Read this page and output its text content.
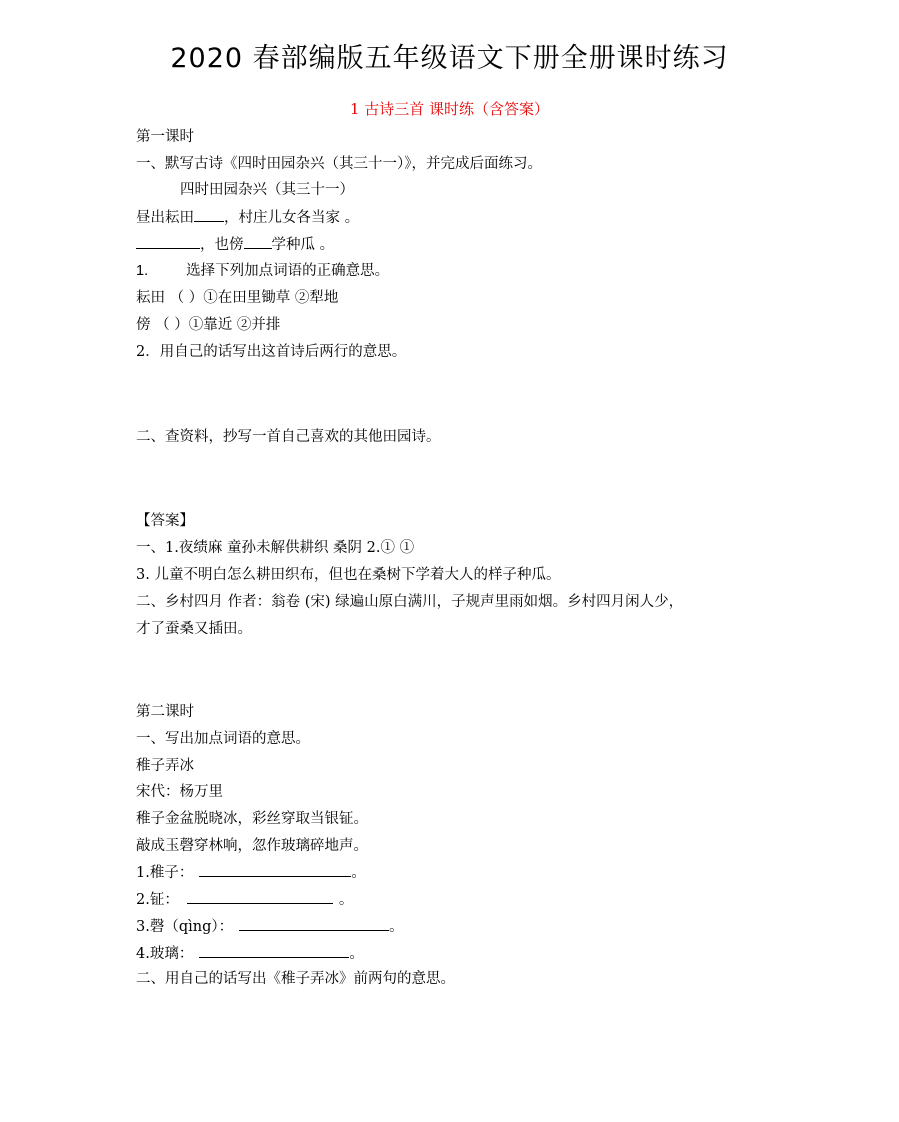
2020 春部编版五年级语文下册全册课时练习
1 古诗三首 课时练（含答案）
第一课时
一、默写古诗《四时田园杂兴（其三十一）》，并完成后面练习。
四时田园杂兴（其三十一）
昼出耘田 ，村庄儿女各当家 。
，也傍 学种瓜 。
1.	选择下列加点词语的正确意思。
耘田 （ ）①在田里锄草 ②犁地
傍 （ ）①靠近 ②并排
2．用自己的话写出这首诗后两行的意思。
二、查资料，抄写一首自己喜欢的其他田园诗。
【答案】
一、1.夜绩麻 童孙未解供耕织 桑阴 2.① ①
3. 儿童不明白怎么耕田织布，但也在桑树下学着大人的样子种瓜。
二、乡村四月 作者：翁卷 (宋) 绿遍山原白满川，子规声里雨如烟。乡村四月闲人少，
才了蚕桑又插田。
第二课时
一、写出加点词语的意思。
稚子弄冰
宋代：杨万里
稚子金盆脱晓冰，彩丝穿取当银钲。
敲成玉磬穿林响，忽作玻璃碎地声。
1.稚子：	。
2.钲：	。
3.磬（qìng）：	。
4.玻璃：	。
二、用自己的话写出《稚子弄冰》前两句的意思。
